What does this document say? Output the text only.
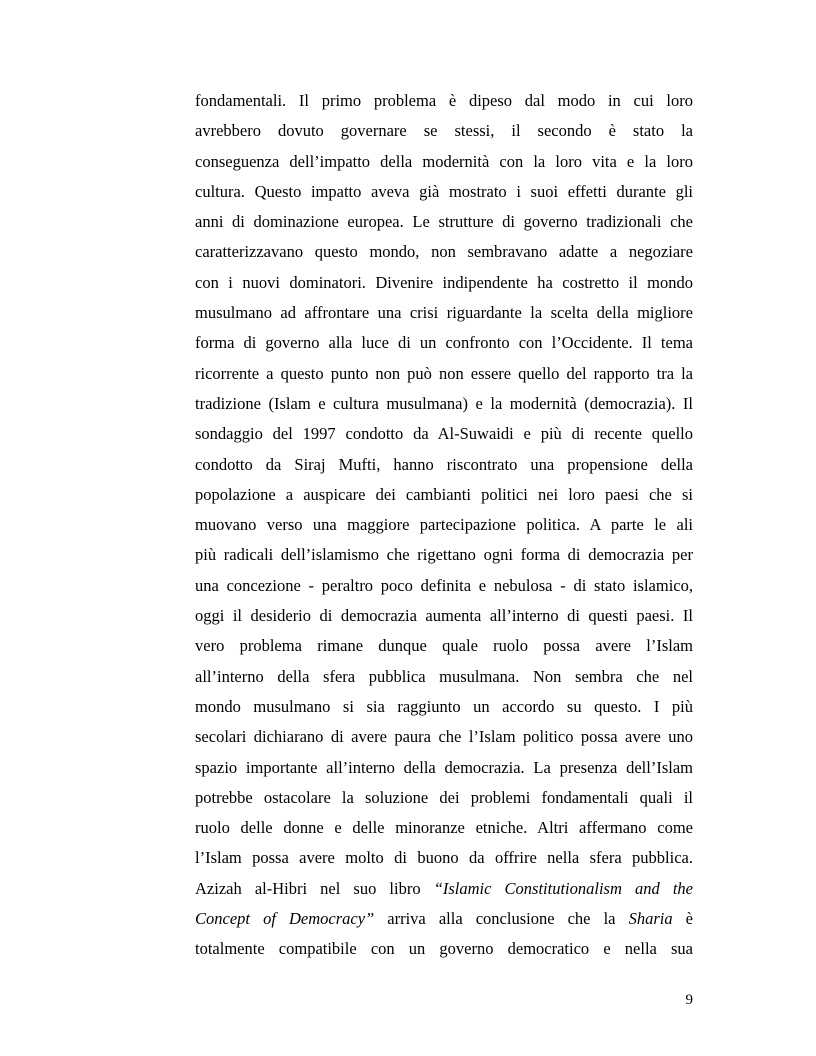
fondamentali. Il primo problema è dipeso dal modo in cui loro
avrebbero dovuto governare se stessi, il secondo è stato la
conseguenza dell’impatto della modernità con la loro vita e la loro
cultura. Questo impatto aveva già mostrato i suoi effetti durante gli
anni di dominazione europea. Le strutture di governo tradizionali che
caratterizzavano questo mondo, non sembravano adatte a negoziare
con i nuovi dominatori. Divenire indipendente ha costretto il mondo
musulmano ad affrontare una crisi riguardante la scelta della migliore
forma di governo alla luce di un confronto con l’Occidente. Il tema
ricorrente a questo punto non può non essere quello del rapporto tra la
tradizione (Islam e cultura musulmana) e la modernità (democrazia). Il
sondaggio del 1997 condotto da Al-Suwaidi e più di recente quello
condotto da Siraj Mufti, hanno riscontrato una propensione della
popolazione a auspicare dei cambianti politici nei loro paesi che si
muovano verso una maggiore partecipazione politica. A parte le ali
più radicali dell’islamismo che rigettano ogni forma di democrazia per
una concezione - peraltro poco definita e nebulosa - di stato islamico,
oggi il desiderio di democrazia aumenta all’interno di questi paesi. Il
vero problema rimane dunque quale ruolo possa avere l’Islam
all’interno della sfera pubblica musulmana. Non sembra che nel
mondo musulmano si sia raggiunto un accordo su questo. I più
secolari dichiarano di avere paura che l’Islam politico possa avere uno
spazio importante all’interno della democrazia. La presenza dell’Islam
potrebbe ostacolare la soluzione dei problemi fondamentali quali il
ruolo delle donne e delle minoranze etniche. Altri affermano come
l’Islam possa avere molto di buono da offrire nella sfera pubblica.
Azizah al-Hibri nel suo libro “Islamic Constitutionalism and the
Concept of Democracy” arriva alla conclusione che la Sharia è
totalmente compatibile con un governo democratico e nella sua
9
